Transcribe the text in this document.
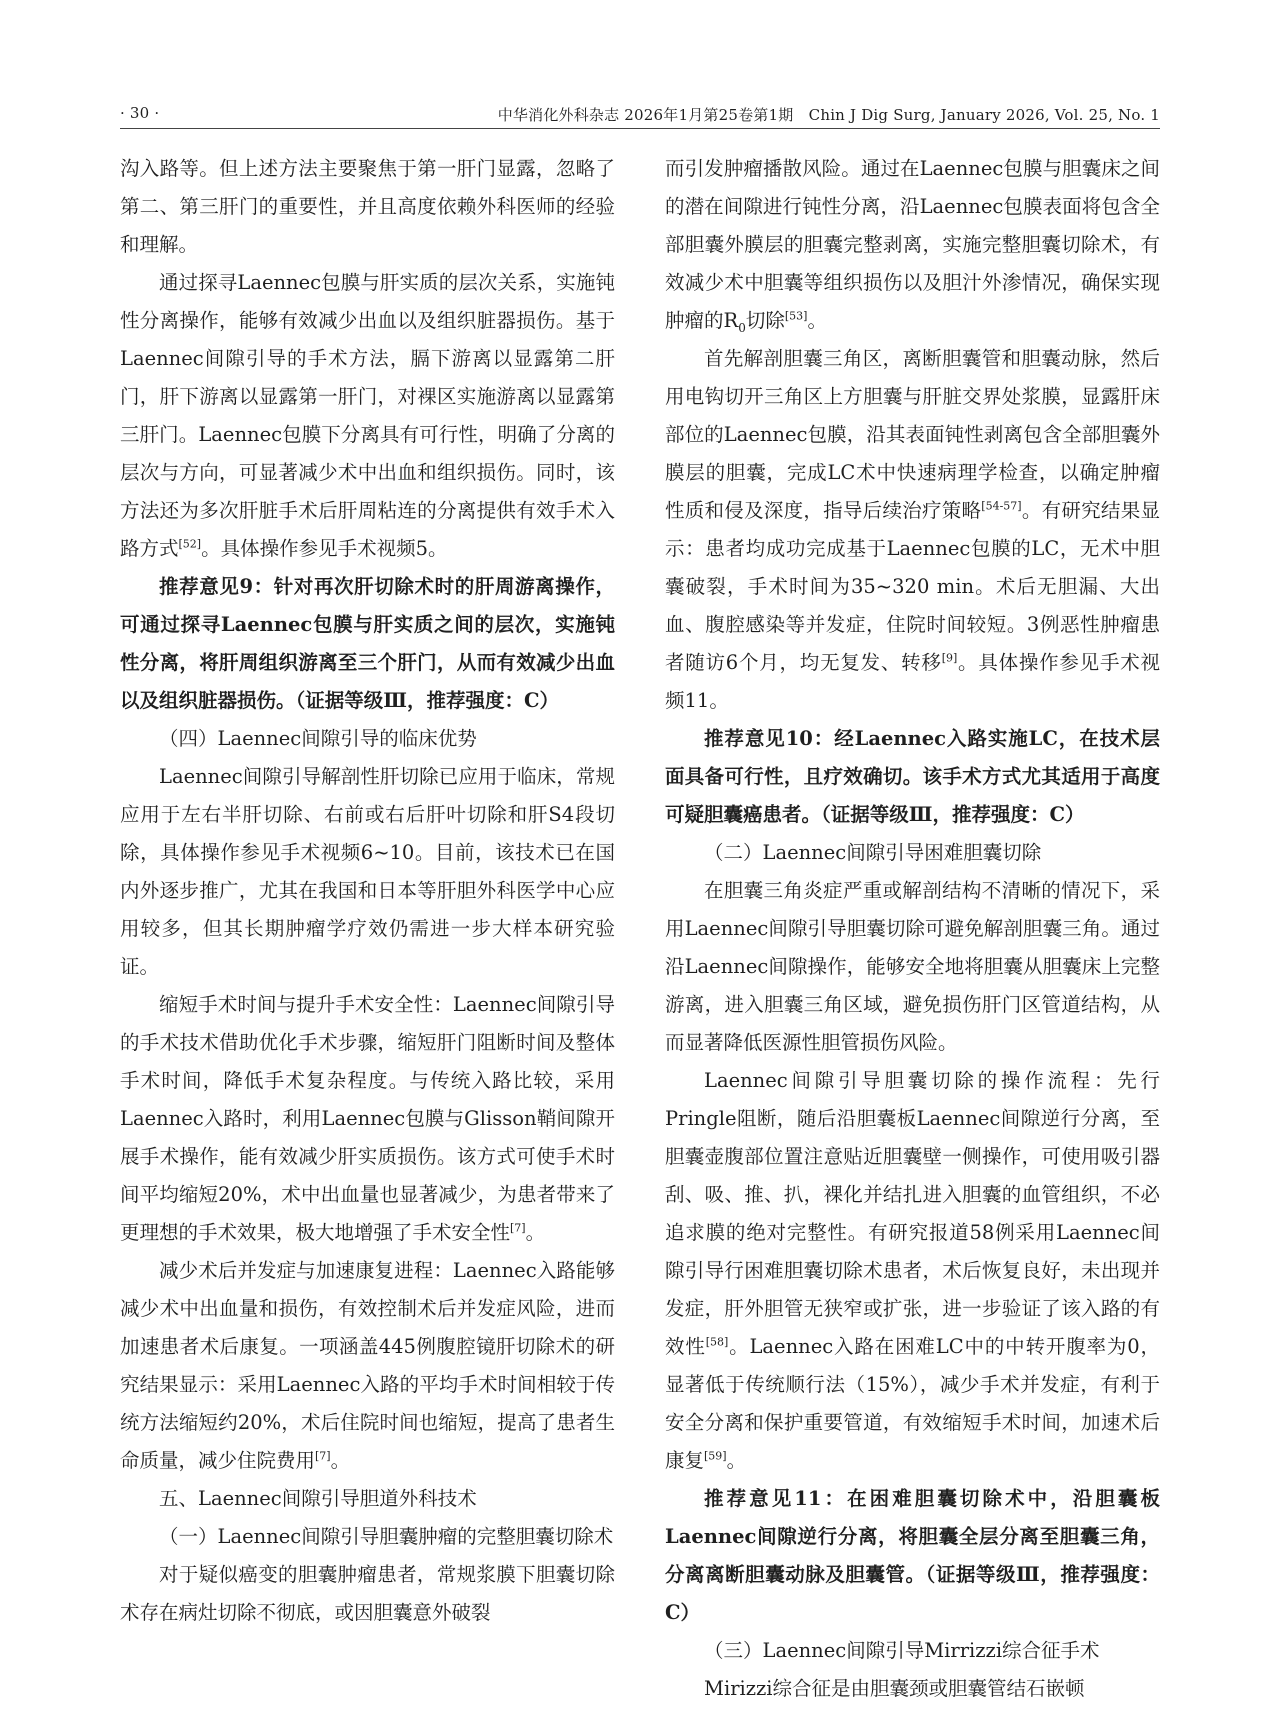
· 30 ·	中华消化外科杂志 2026年1月第25卷第1期　Chin J Dig Surg, January 2026, Vol. 25, No. 1

沟入路等。但上述方法主要聚焦于第一肝门显露，忽略了第二、第三肝门的重要性，并且高度依赖外科医师的经验和理解。

通过探寻Laennec包膜与肝实质的层次关系，实施钝性分离操作，能够有效减少出血以及组织脏器损伤。基于Laennec间隙引导的手术方法，膈下游离以显露第二肝门，肝下游离以显露第一肝门，对裸区实施游离以显露第三肝门。Laennec包膜下分离具有可行性，明确了分离的层次与方向，可显著减少术中出血和组织损伤。同时，该方法还为多次肝脏手术后肝周粘连的分离提供有效手术入路方式[52]。具体操作参见手术视频5。

推荐意见9：针对再次肝切除术时的肝周游离操作，可通过探寻Laennec包膜与肝实质之间的层次，实施钝性分离，将肝周组织游离至三个肝门，从而有效减少出血以及组织脏器损伤。（证据等级Ⅲ，推荐强度：C）

（四）Laennec间隙引导的临床优势

Laennec间隙引导解剖性肝切除已应用于临床，常规应用于左右半肝切除、右前或右后肝叶切除和肝S4段切除，具体操作参见手术视频6~10。目前，该技术已在国内外逐步推广，尤其在我国和日本等肝胆外科医学中心应用较多，但其长期肿瘤学疗效仍需进一步大样本研究验证。

缩短手术时间与提升手术安全性：Laennec间隙引导的手术技术借助优化手术步骤，缩短肝门阻断时间及整体手术时间，降低手术复杂程度。与传统入路比较，采用Laennec入路时，利用Laennec包膜与Glisson鞘间隙开展手术操作，能有效减少肝实质损伤。该方式可使手术时间平均缩短20%，术中出血量也显著减少，为患者带来了更理想的手术效果，极大地增强了手术安全性[7]。

减少术后并发症与加速康复进程：Laennec入路能够减少术中出血量和损伤，有效控制术后并发症风险，进而加速患者术后康复。一项涵盖445例腹腔镜肝切除术的研究结果显示：采用Laennec入路的平均手术时间相较于传统方法缩短约20%，术后住院时间也缩短，提高了患者生命质量，减少住院费用[7]。

五、Laennec间隙引导胆道外科技术

（一）Laennec间隙引导胆囊肿瘤的完整胆囊切除术

对于疑似癌变的胆囊肿瘤患者，常规浆膜下胆囊切除术存在病灶切除不彻底，或因胆囊意外破裂

而引发肿瘤播散风险。通过在Laennec包膜与胆囊床之间的潜在间隙进行钝性分离，沿Laennec包膜表面将包含全部胆囊外膜层的胆囊完整剥离，实施完整胆囊切除术，有效减少术中胆囊等组织损伤以及胆汁外渗情况，确保实现肿瘤的$R_0$切除[53]。

首先解剖胆囊三角区，离断胆囊管和胆囊动脉，然后用电钩切开三角区上方胆囊与肝脏交界处浆膜，显露肝床部位的Laennec包膜，沿其表面钝性剥离包含全部胆囊外膜层的胆囊，完成LC术中快速病理学检查，以确定肿瘤性质和侵及深度，指导后续治疗策略[54-57]。有研究结果显示：患者均成功完成基于Laennec包膜的LC，无术中胆囊破裂，手术时间为35~320 min。术后无胆漏、大出血、腹腔感染等并发症，住院时间较短。3例恶性肿瘤患者随访6个月，均无复发、转移[9]。具体操作参见手术视频11。

推荐意见10：经Laennec入路实施LC，在技术层面具备可行性，且疗效确切。该手术方式尤其适用于高度可疑胆囊癌患者。（证据等级Ⅲ，推荐强度：C）

（二）Laennec间隙引导困难胆囊切除

在胆囊三角炎症严重或解剖结构不清晰的情况下，采用Laennec间隙引导胆囊切除可避免解剖胆囊三角。通过沿Laennec间隙操作，能够安全地将胆囊从胆囊床上完整游离，进入胆囊三角区域，避免损伤肝门区管道结构，从而显著降低医源性胆管损伤风险。

Laennec间隙引导胆囊切除的操作流程：先行Pringle阻断，随后沿胆囊板Laennec间隙逆行分离，至胆囊壶腹部位置注意贴近胆囊壁一侧操作，可使用吸引器刮、吸、推、扒，裸化并结扎进入胆囊的血管组织，不必追求膜的绝对完整性。有研究报道58例采用Laennec间隙引导行困难胆囊切除术患者，术后恢复良好，未出现并发症，肝外胆管无狭窄或扩张，进一步验证了该入路的有效性[58]。Laennec入路在困难LC中的中转开腹率为0，显著低于传统顺行法（15%），减少手术并发症，有利于安全分离和保护重要管道，有效缩短手术时间，加速术后康复[59]。

推荐意见11：在困难胆囊切除术中，沿胆囊板Laennec间隙逆行分离，将胆囊全层分离至胆囊三角，分离离断胆囊动脉及胆囊管。（证据等级Ⅲ，推荐强度：C）

（三）Laennec间隙引导Mirrizzi综合征手术

Mirizzi综合征是由胆囊颈或胆囊管结石嵌顿
